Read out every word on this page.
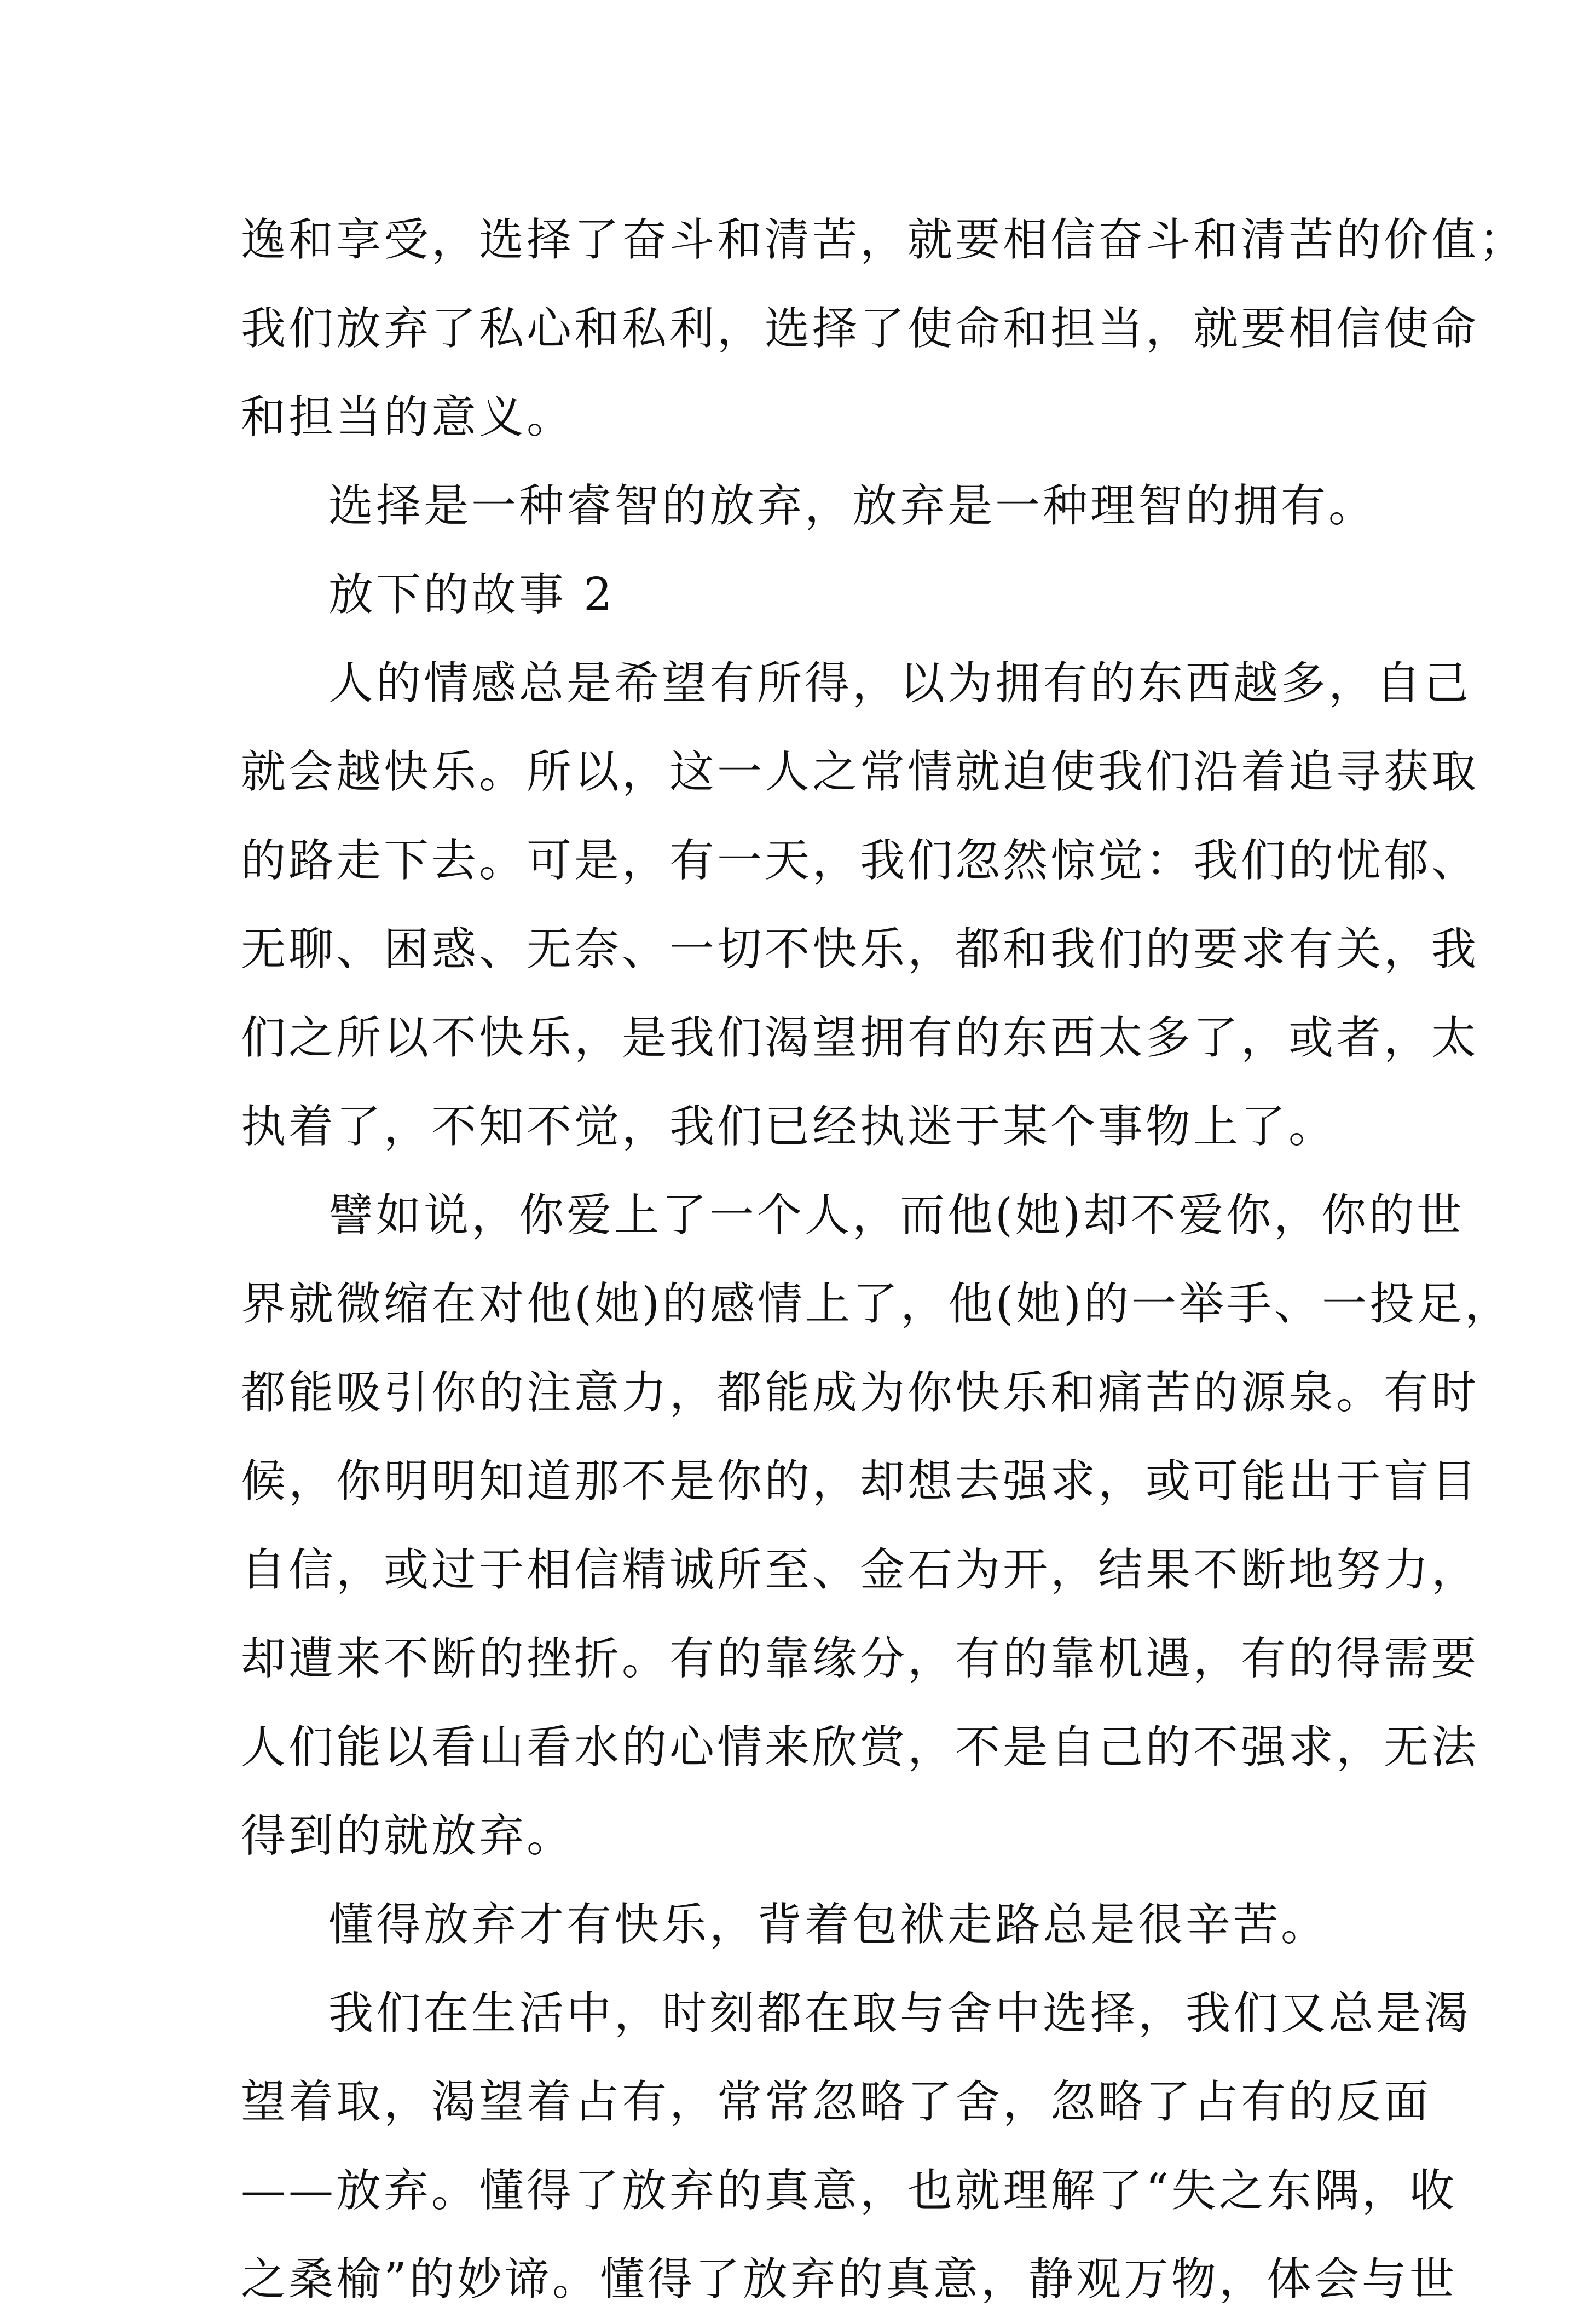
逸和享受，选择了奋斗和清苦，就要相信奋斗和清苦的价值；
我们放弃了私心和私利，选择了使命和担当，就要相信使命
和担当的意义。
选择是一种睿智的放弃，放弃是一种理智的拥有。
放下的故事 2
人的情感总是希望有所得，以为拥有的东西越多，自己
就会越快乐。所以，这一人之常情就迫使我们沿着追寻获取
的路走下去。可是，有一天，我们忽然惊觉：我们的忧郁、
无聊、困惑、无奈、一切不快乐，都和我们的要求有关，我
们之所以不快乐，是我们渴望拥有的东西太多了，或者，太
执着了，不知不觉，我们已经执迷于某个事物上了。
譬如说，你爱上了一个人，而他(她)却不爱你，你的世
界就微缩在对他(她)的感情上了，他(她)的一举手、一投足，
都能吸引你的注意力，都能成为你快乐和痛苦的源泉。有时
候，你明明知道那不是你的，却想去强求，或可能出于盲目
自信，或过于相信精诚所至、金石为开，结果不断地努力，
却遭来不断的挫折。有的靠缘分，有的靠机遇，有的得需要
人们能以看山看水的心情来欣赏，不是自己的不强求，无法
得到的就放弃。
懂得放弃才有快乐，背着包袱走路总是很辛苦。
我们在生活中，时刻都在取与舍中选择，我们又总是渴
望着取，渴望着占有，常常忽略了舍，忽略了占有的反面
——放弃。懂得了放弃的真意，也就理解了“失之东隅，收
之桑榆”的妙谛。懂得了放弃的真意，静观万物，体会与世
